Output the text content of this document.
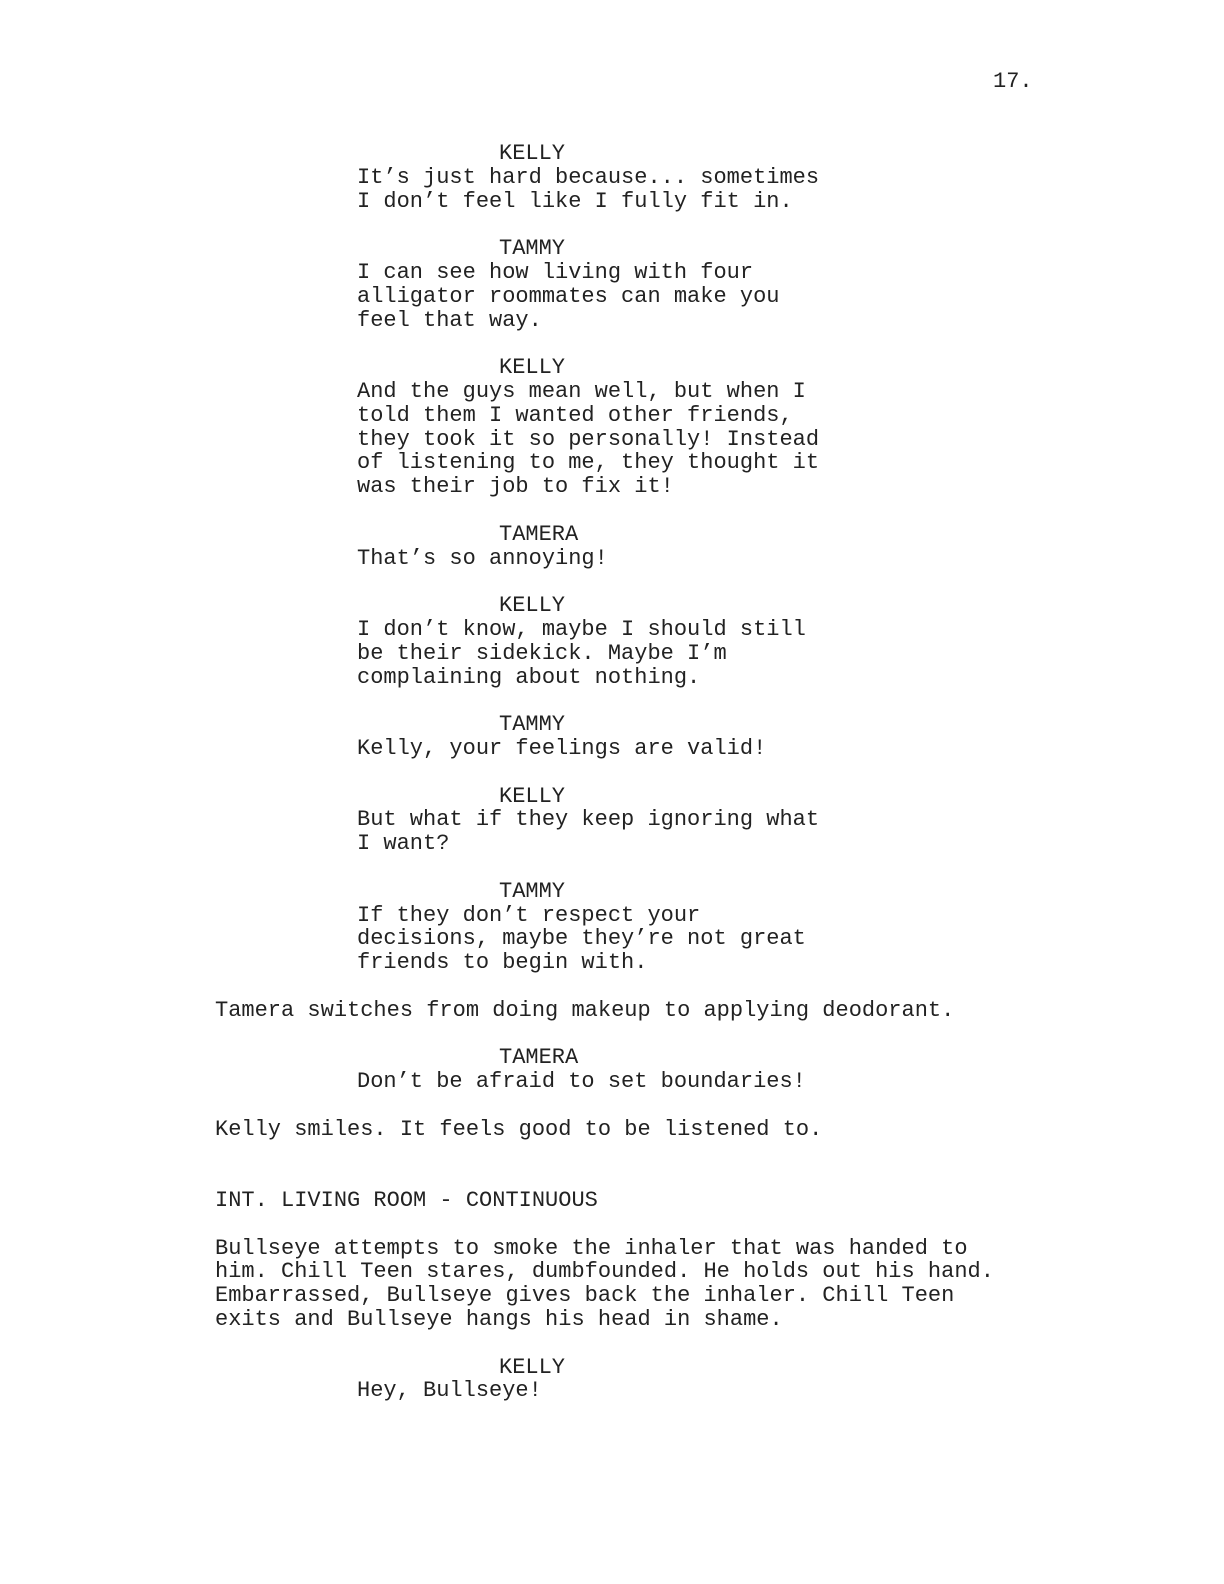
17.
KELLY
It’s just hard because... sometimes
I don’t feel like I fully fit in.
TAMMY
I can see how living with four
alligator roommates can make you
feel that way.
KELLY
And the guys mean well, but when I
told them I wanted other friends,
they took it so personally! Instead
of listening to me, they thought it
was their job to fix it!
TAMERA
That’s so annoying!
KELLY
I don’t know, maybe I should still
be their sidekick. Maybe I’m
complaining about nothing.
TAMMY
Kelly, your feelings are valid!
KELLY
But what if they keep ignoring what
I want?
TAMMY
If they don’t respect your
decisions, maybe they’re not great
friends to begin with.
Tamera switches from doing makeup to applying deodorant.
TAMERA
Don’t be afraid to set boundaries!
Kelly smiles. It feels good to be listened to.
INT. LIVING ROOM - CONTINUOUS
Bullseye attempts to smoke the inhaler that was handed to
him. Chill Teen stares, dumbfounded. He holds out his hand.
Embarrassed, Bullseye gives back the inhaler. Chill Teen
exits and Bullseye hangs his head in shame.
KELLY
Hey, Bullseye!
